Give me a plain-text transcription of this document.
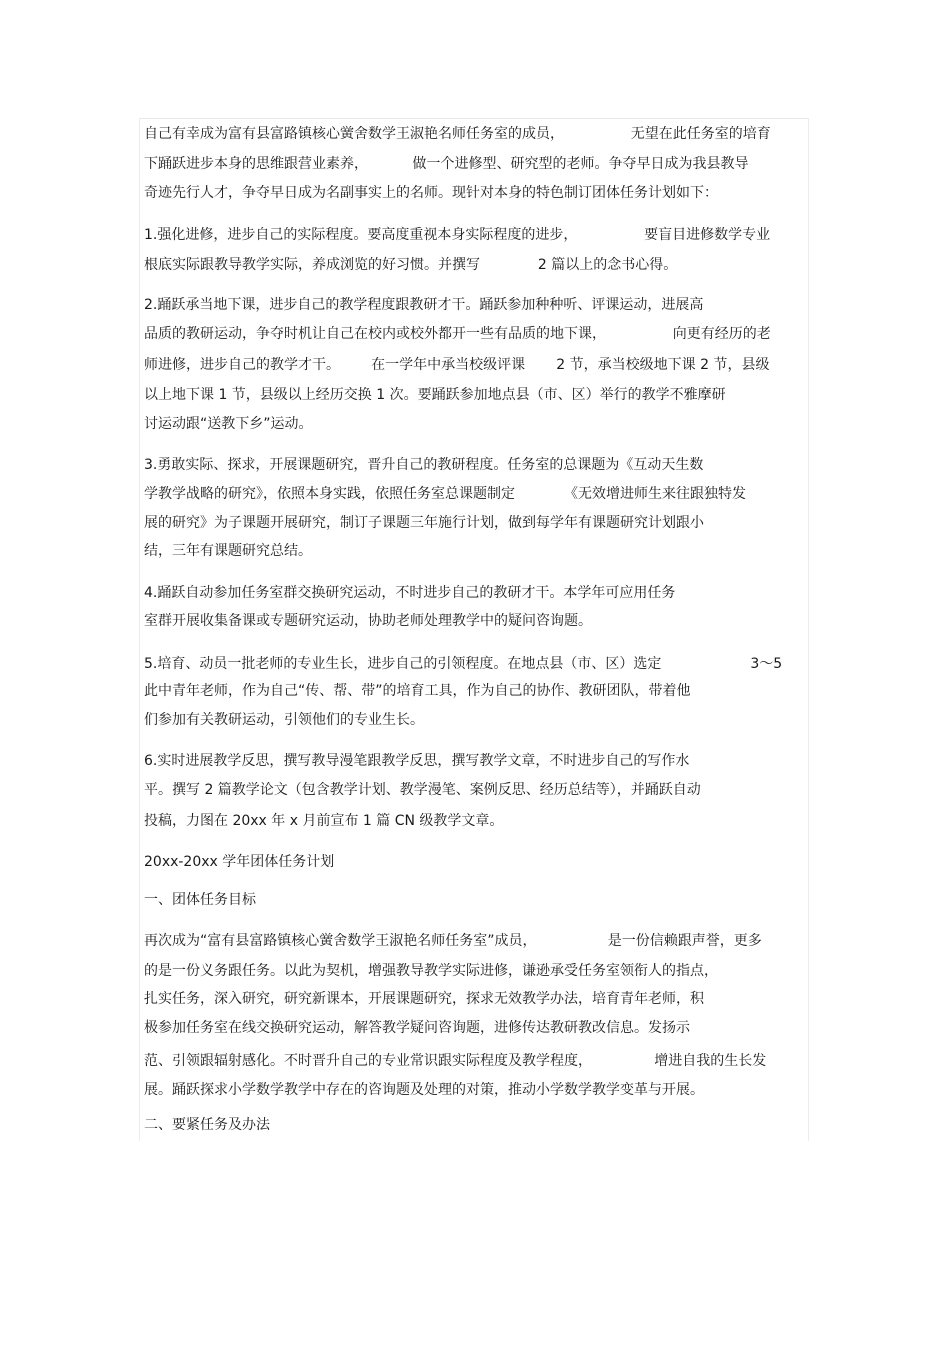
自己有幸成为富有县富路镇核心黉舍数学王淑艳名师任务室的成员，               无望在此任务室的培育
下踊跃进步本身的思维跟营业素养，          做一个进修型、研究型的老师。争夺早日成为我县教导
奇迹先行人才，争夺早日成为名副事实上的名师。现针对本身的特色制订团体任务计划如下：
1.强化进修，进步自己的实际程度。要高度重视本身实际程度的进步，               要盲目进修数学专业
根底实际跟教导教学实际，养成浏览的好习惯。并撰写             2 篇以上的念书心得。
2.踊跃承当地下课，进步自己的教学程度跟教研才干。踊跃参加种种听、评课运动，进展高
品质的教研运动，争夺时机让自己在校内或校外都开一些有品质的地下课，               向更有经历的老
师进修，进步自己的教学才干。       在一学年中承当校级评课       2 节，承当校级地下课 2 节，县级
以上地下课 1 节，县级以上经历交换 1 次。要踊跃参加地点县（市、区）举行的教学不雅摩研
讨运动跟“送教下乡”运动。
3.勇敢实际、探求，开展课题研究，晋升自己的教研程度。任务室的总课题为《互动天生数
学教学战略的研究》，依照本身实践，依照任务室总课题制定           《无效增进师生来往跟独特发
展的研究》为子课题开展研究，制订子课题三年施行计划，做到每学年有课题研究计划跟小
结，三年有课题研究总结。
4.踊跃自动参加任务室群交换研究运动，不时进步自己的教研才干。本学年可应用任务
室群开展收集备课或专题研究运动，协助老师处理教学中的疑问咨询题。
5.培育、动员一批老师的专业生长，进步自己的引领程度。在地点县（市、区）选定                    3～5
此中青年老师，作为自己“传、帮、带”的培育工具，作为自己的协作、教研团队，带着他
们参加有关教研运动，引领他们的专业生长。
6.实时进展教学反思，撰写教导漫笔跟教学反思，撰写教学文章，不时进步自己的写作水
平。撰写 2 篇教学论文（包含教学计划、教学漫笔、案例反思、经历总结等），并踊跃自动
投稿，力图在 20xx 年 x 月前宣布 1 篇 CN 级教学文章。
20xx-20xx 学年团体任务计划
一、团体任务目标
再次成为“富有县富路镇核心黉舍数学王淑艳名师任务室”成员，                是一份信赖跟声誉，更多
的是一份义务跟任务。以此为契机，增强教导教学实际进修，谦逊承受任务室领衔人的指点，
扎实任务，深入研究，研究新课本，开展课题研究，探求无效教学办法，培育青年老师，积
极参加任务室在线交换研究运动，解答教学疑问咨询题，进修传达教研教改信息。发扬示
范、引领跟辐射感化。不时晋升自己的专业常识跟实际程度及教学程度，              增进自我的生长发
展。踊跃探求小学数学教学中存在的咨询题及处理的对策，推动小学数学教学变革与开展。
二、要紧任务及办法
